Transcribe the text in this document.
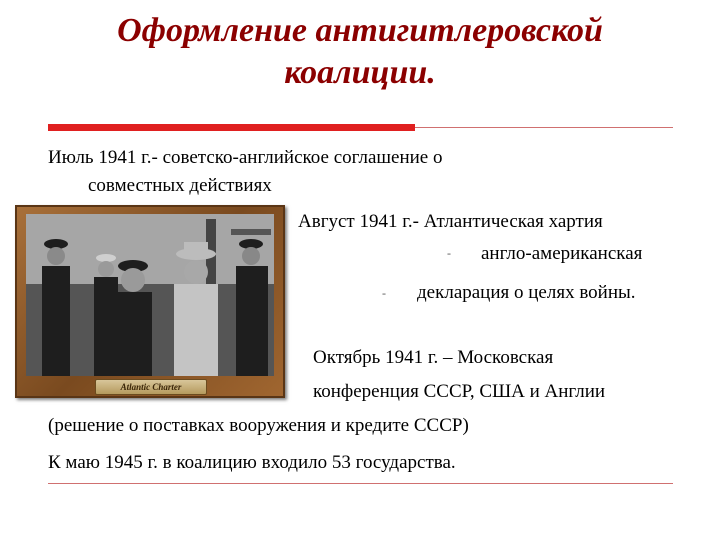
Оформление антигитлеровской
коалиции.
Июль 1941 г.- советско-английское соглашение о
совместных действиях
Atlantic Charter
Август 1941 г.- Атлантическая хартия
- англо-американская
- декларация о целях войны.
Октябрь 1941 г. – Московская
конференция СССР, США и Англии
(решение о поставках вооружения и кредите СССР)
К маю 1945 г. в коалицию входило 53 государства.
